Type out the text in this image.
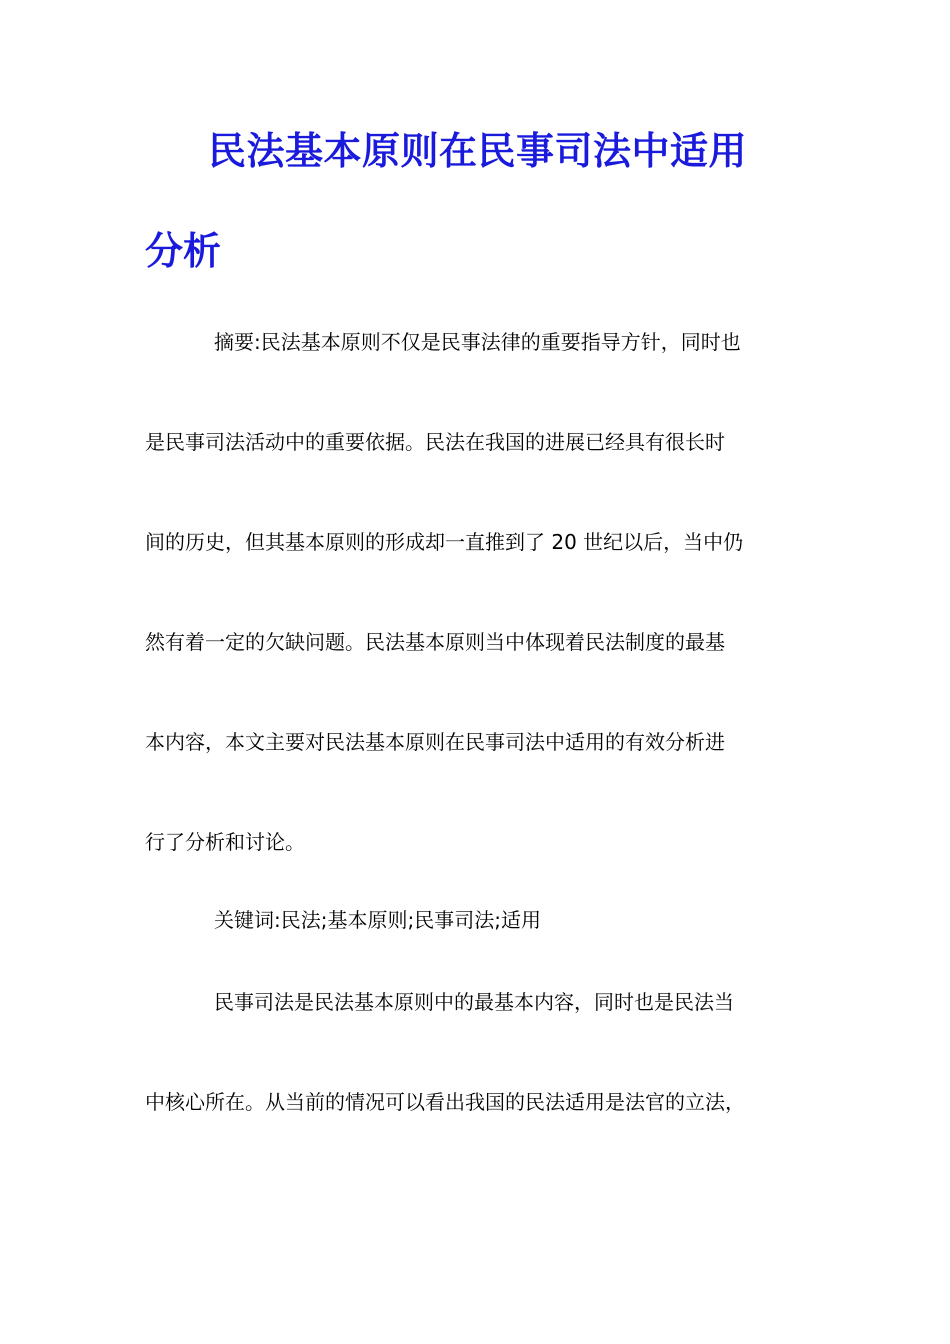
民法基本原则在民事司法中适用
分析
摘要:民法基本原则不仅是民事法律的重要指导方针，同时也
是民事司法活动中的重要依据。民法在我国的进展已经具有很长时
间的历史，但其基本原则的形成却一直推到了 20 世纪以后，当中仍
然有着一定的欠缺问题。民法基本原则当中体现着民法制度的最基
本内容，本文主要对民法基本原则在民事司法中适用的有效分析进
行了分析和讨论。
关键词:民法;基本原则;民事司法;适用
民事司法是民法基本原则中的最基本内容，同时也是民法当
中核心所在。从当前的情况可以看出我国的民法适用是法官的立法，
